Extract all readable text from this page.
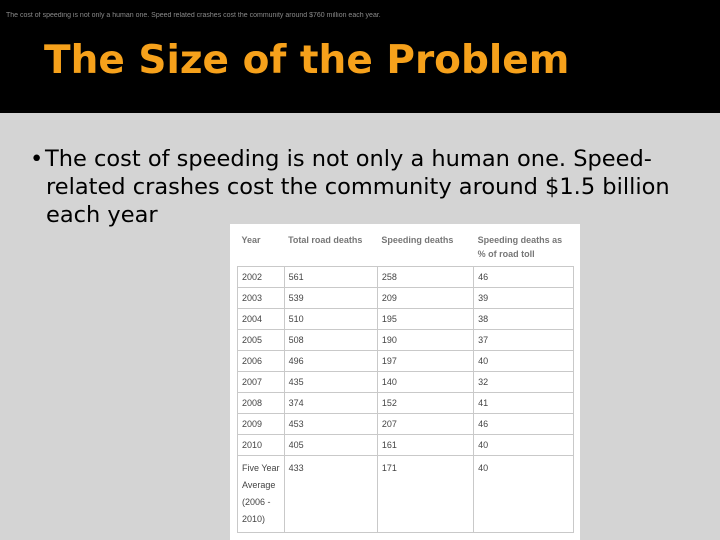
The cost of speeding is not only a human one. Speed related crashes cost the community around $760 million each year.
The Size of the Problem
• The cost of speeding is not only a human one. Speed-related crashes cost the community around $1.5 billion each year
Year	Total road deaths	Speeding deaths	Speeding deaths as % of road toll
2002	561	258	46
2003	539	209	39
2004	510	195	38
2005	508	190	37
2006	496	197	40
2007	435	140	32
2008	374	152	41
2009	453	207	46
2010	405	161	40
Five Year Average (2006 - 2010)	433	171	40
